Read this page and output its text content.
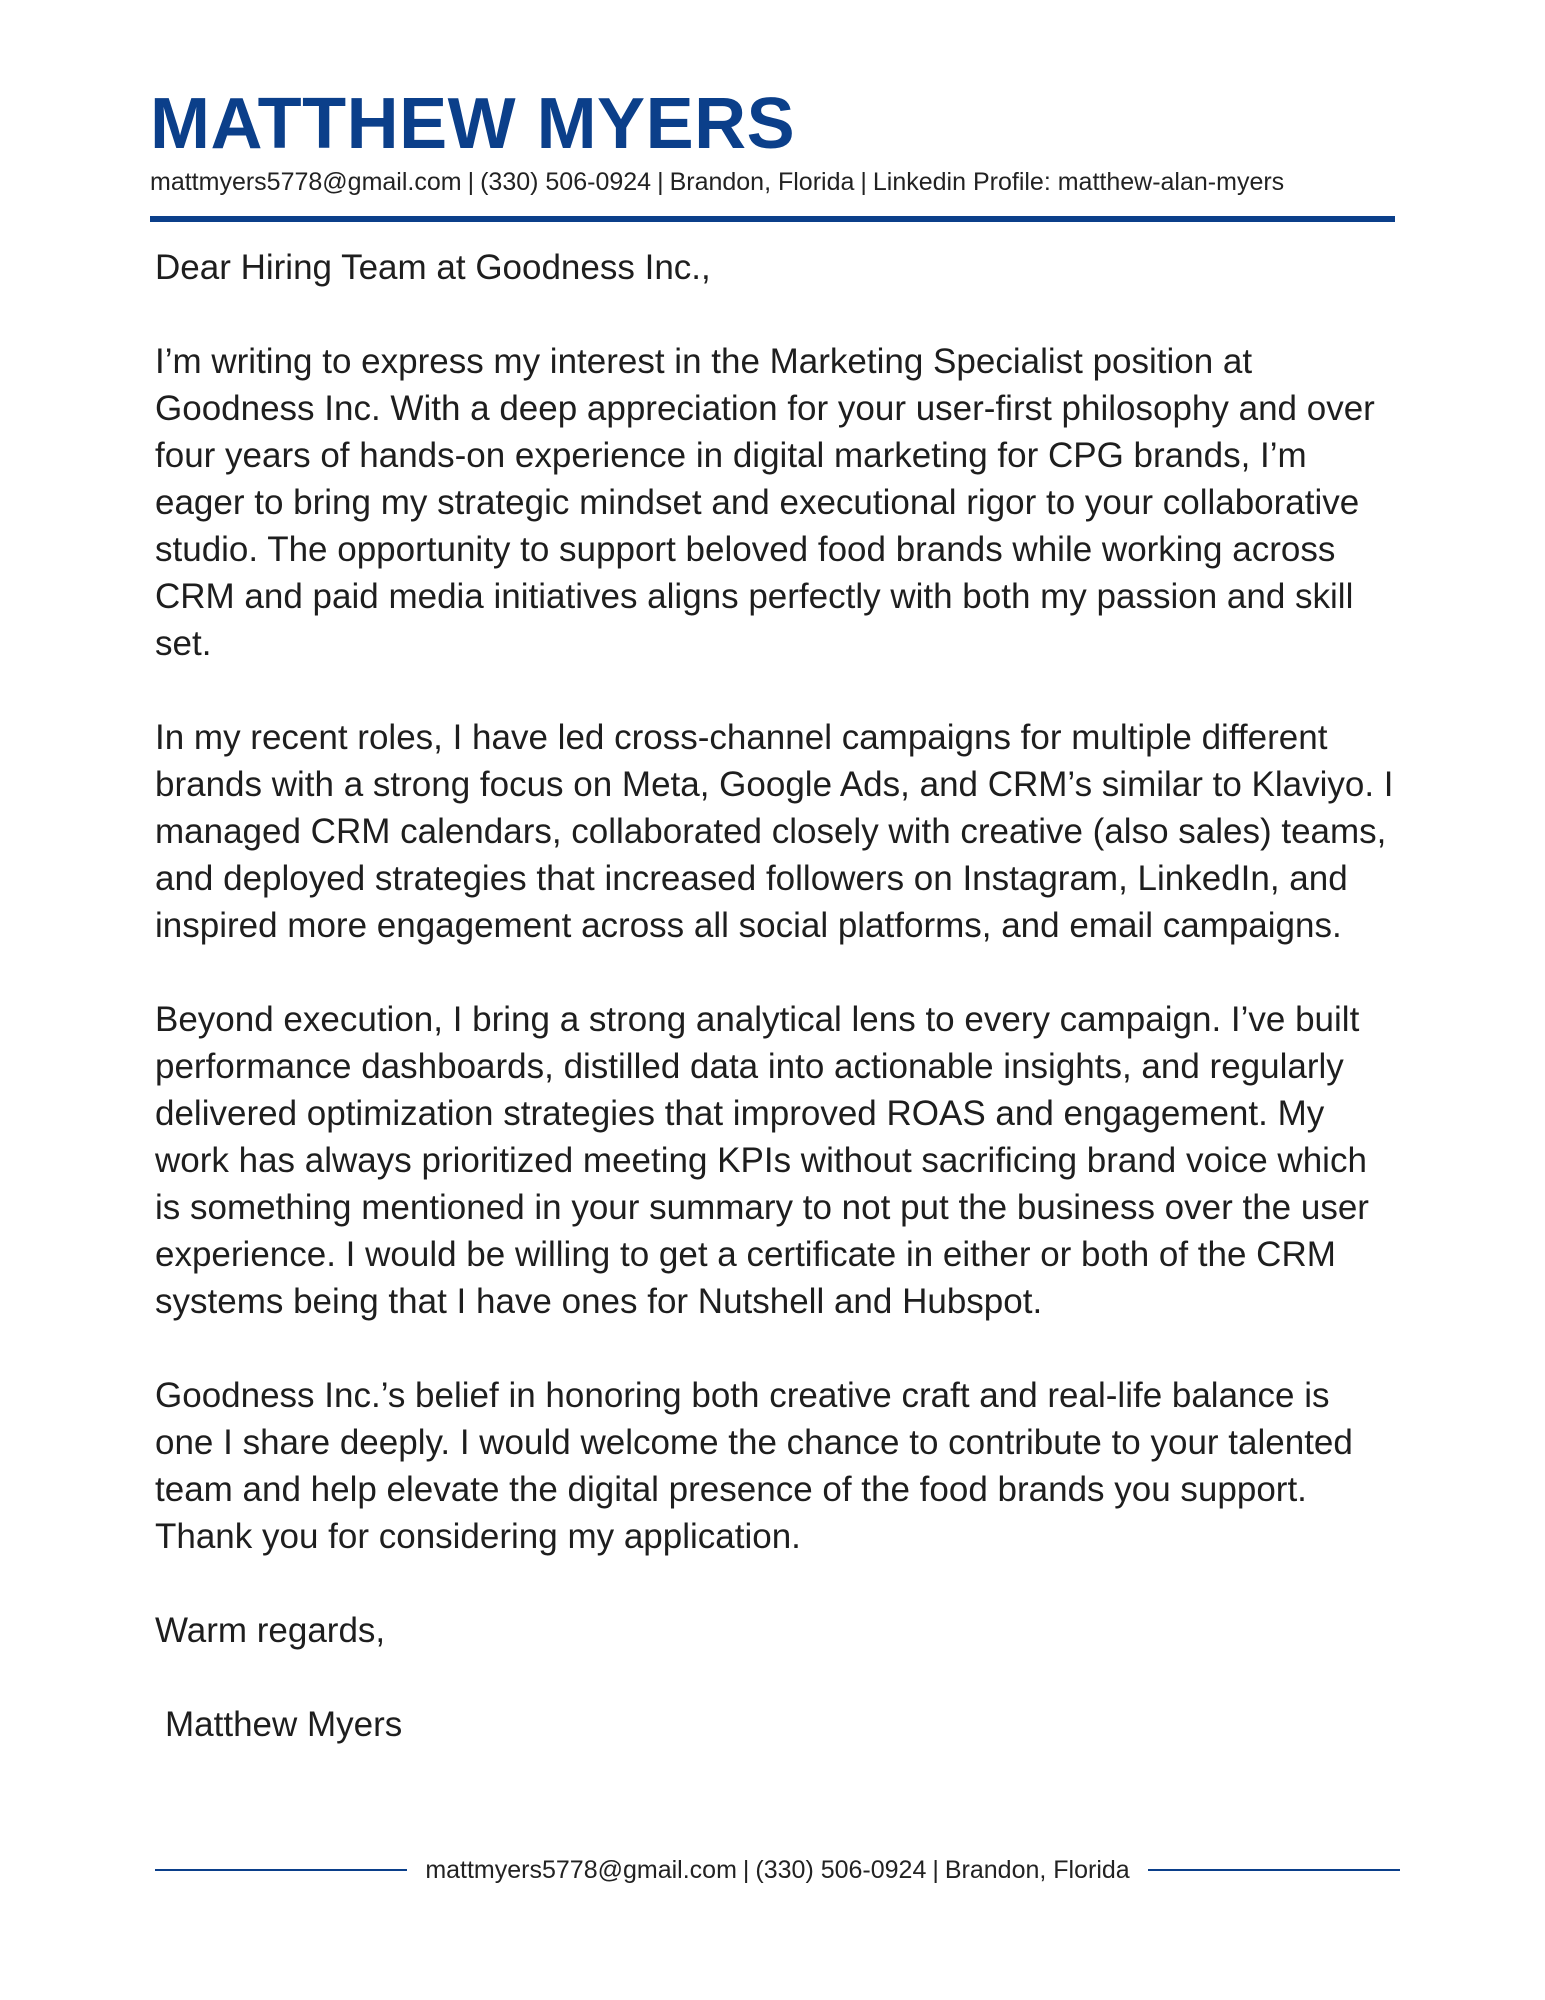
MATTHEW MYERS
mattmyers5778@gmail.com | (330) 506-0924 | Brandon, Florida | Linkedin Profile: matthew-alan-myers

Dear Hiring Team at Goodness Inc.,

I’m writing to express my interest in the Marketing Specialist position at Goodness Inc. With a deep appreciation for your user-first philosophy and over four years of hands-on experience in digital marketing for CPG brands, I’m eager to bring my strategic mindset and executional rigor to your collaborative studio. The opportunity to support beloved food brands while working across CRM and paid media initiatives aligns perfectly with both my passion and skill set.

In my recent roles, I have led cross-channel campaigns for multiple different brands with a strong focus on Meta, Google Ads, and CRM’s similar to Klaviyo. I managed CRM calendars, collaborated closely with creative (also sales) teams, and deployed strategies that increased followers on Instagram, LinkedIn, and inspired more engagement across all social platforms, and email campaigns.

Beyond execution, I bring a strong analytical lens to every campaign. I’ve built performance dashboards, distilled data into actionable insights, and regularly delivered optimization strategies that improved ROAS and engagement. My work has always prioritized meeting KPIs without sacrificing brand voice which is something mentioned in your summary to not put the business over the user experience. I would be willing to get a certificate in either or both of the CRM systems being that I have ones for Nutshell and Hubspot.

Goodness Inc.’s belief in honoring both creative craft and real-life balance is one I share deeply. I would welcome the chance to contribute to your talented team and help elevate the digital presence of the food brands you support. Thank you for considering my application.

Warm regards,

Matthew Myers

mattmyers5778@gmail.com | (330) 506-0924 | Brandon, Florida
